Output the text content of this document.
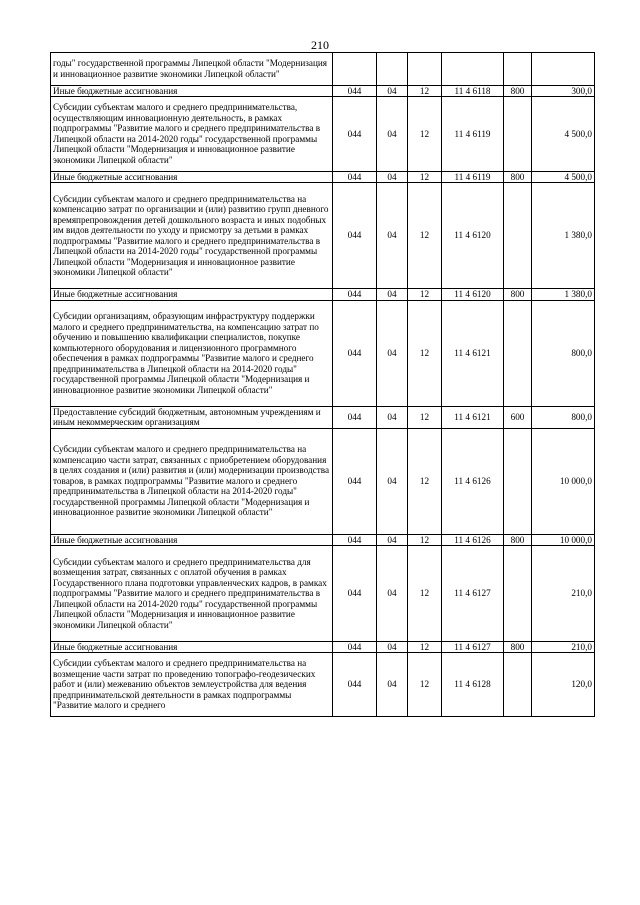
210
годы" государственной программы Липецкой области "Модернизация и инновационное развитие экономики Липецкой области"						
Иные бюджетные ассигнования	044	04	12	11 4 6118	800	300,0
Субсидии субъектам малого и среднего предпринимательства, осуществляющим инновационную деятельность, в рамках подпрограммы "Развитие малого и среднего предпринимательства в Липецкой области на 2014-2020 годы" государственной программы Липецкой области "Модернизация и инновационное развитие экономики Липецкой области"	044	04	12	11 4 6119		4 500,0
Иные бюджетные ассигнования	044	04	12	11 4 6119	800	4 500,0
Субсидии субъектам малого и среднего предпринимательства на компенсацию затрат по организации и (или) развитию групп дневного времяпрепровождения детей дошкольного возраста и иных подобных им видов деятельности по уходу и присмотру за детьми в рамках подпрограммы "Развитие малого и среднего предпринимательства в Липецкой области на 2014-2020 годы" государственной программы Липецкой области "Модернизация и инновационное развитие экономики Липецкой области"	044	04	12	11 4 6120		1 380,0
Иные бюджетные ассигнования	044	04	12	11 4 6120	800	1 380,0
Субсидии организациям, образующим инфраструктуру поддержки малого и среднего предпринимательства, на компенсацию затрат по обучению и повышению квалификации специалистов, покупке компьютерного оборудования и лицензионного программного обеспечения в рамках подпрограммы "Развитие малого и среднего предпринимательства в Липецкой области на 2014-2020 годы" государственной программы Липецкой области "Модернизация и инновационное развитие экономики Липецкой области"	044	04	12	11 4 6121		800,0
Предоставление субсидий бюджетным, автономным учреждениям и иным некоммерческим организациям	044	04	12	11 4 6121	600	800,0
Субсидии субъектам малого и среднего предпринимательства на компенсацию части затрат, связанных с приобретением оборудования в целях создания и (или) развития и (или) модернизации производства товаров, в рамках подпрограммы "Развитие малого и среднего предпринимательства в Липецкой области на 2014-2020 годы" государственной программы Липецкой области "Модернизация и инновационное развитие экономики Липецкой области"	044	04	12	11 4 6126		10 000,0
Иные бюджетные ассигнования	044	04	12	11 4 6126	800	10 000,0
Субсидии субъектам малого и среднего предпринимательства для возмещения затрат, связанных с оплатой обучения в рамках Государственного плана подготовки управленческих кадров, в рамках подпрограммы "Развитие малого и среднего предпринимательства в Липецкой области на 2014-2020 годы" государственной программы Липецкой области "Модернизация и инновационное развитие экономики Липецкой области"	044	04	12	11 4 6127		210,0
Иные бюджетные ассигнования	044	04	12	11 4 6127	800	210,0
Субсидии субъектам малого и среднего предпринимательства на возмещение части затрат по проведению топографо-геодезических работ и (или) межеванию объектов землеустройства для ведения предпринимательской деятельности в рамках подпрограммы "Развитие малого и среднего	044	04	12	11 4 6128		120,0
